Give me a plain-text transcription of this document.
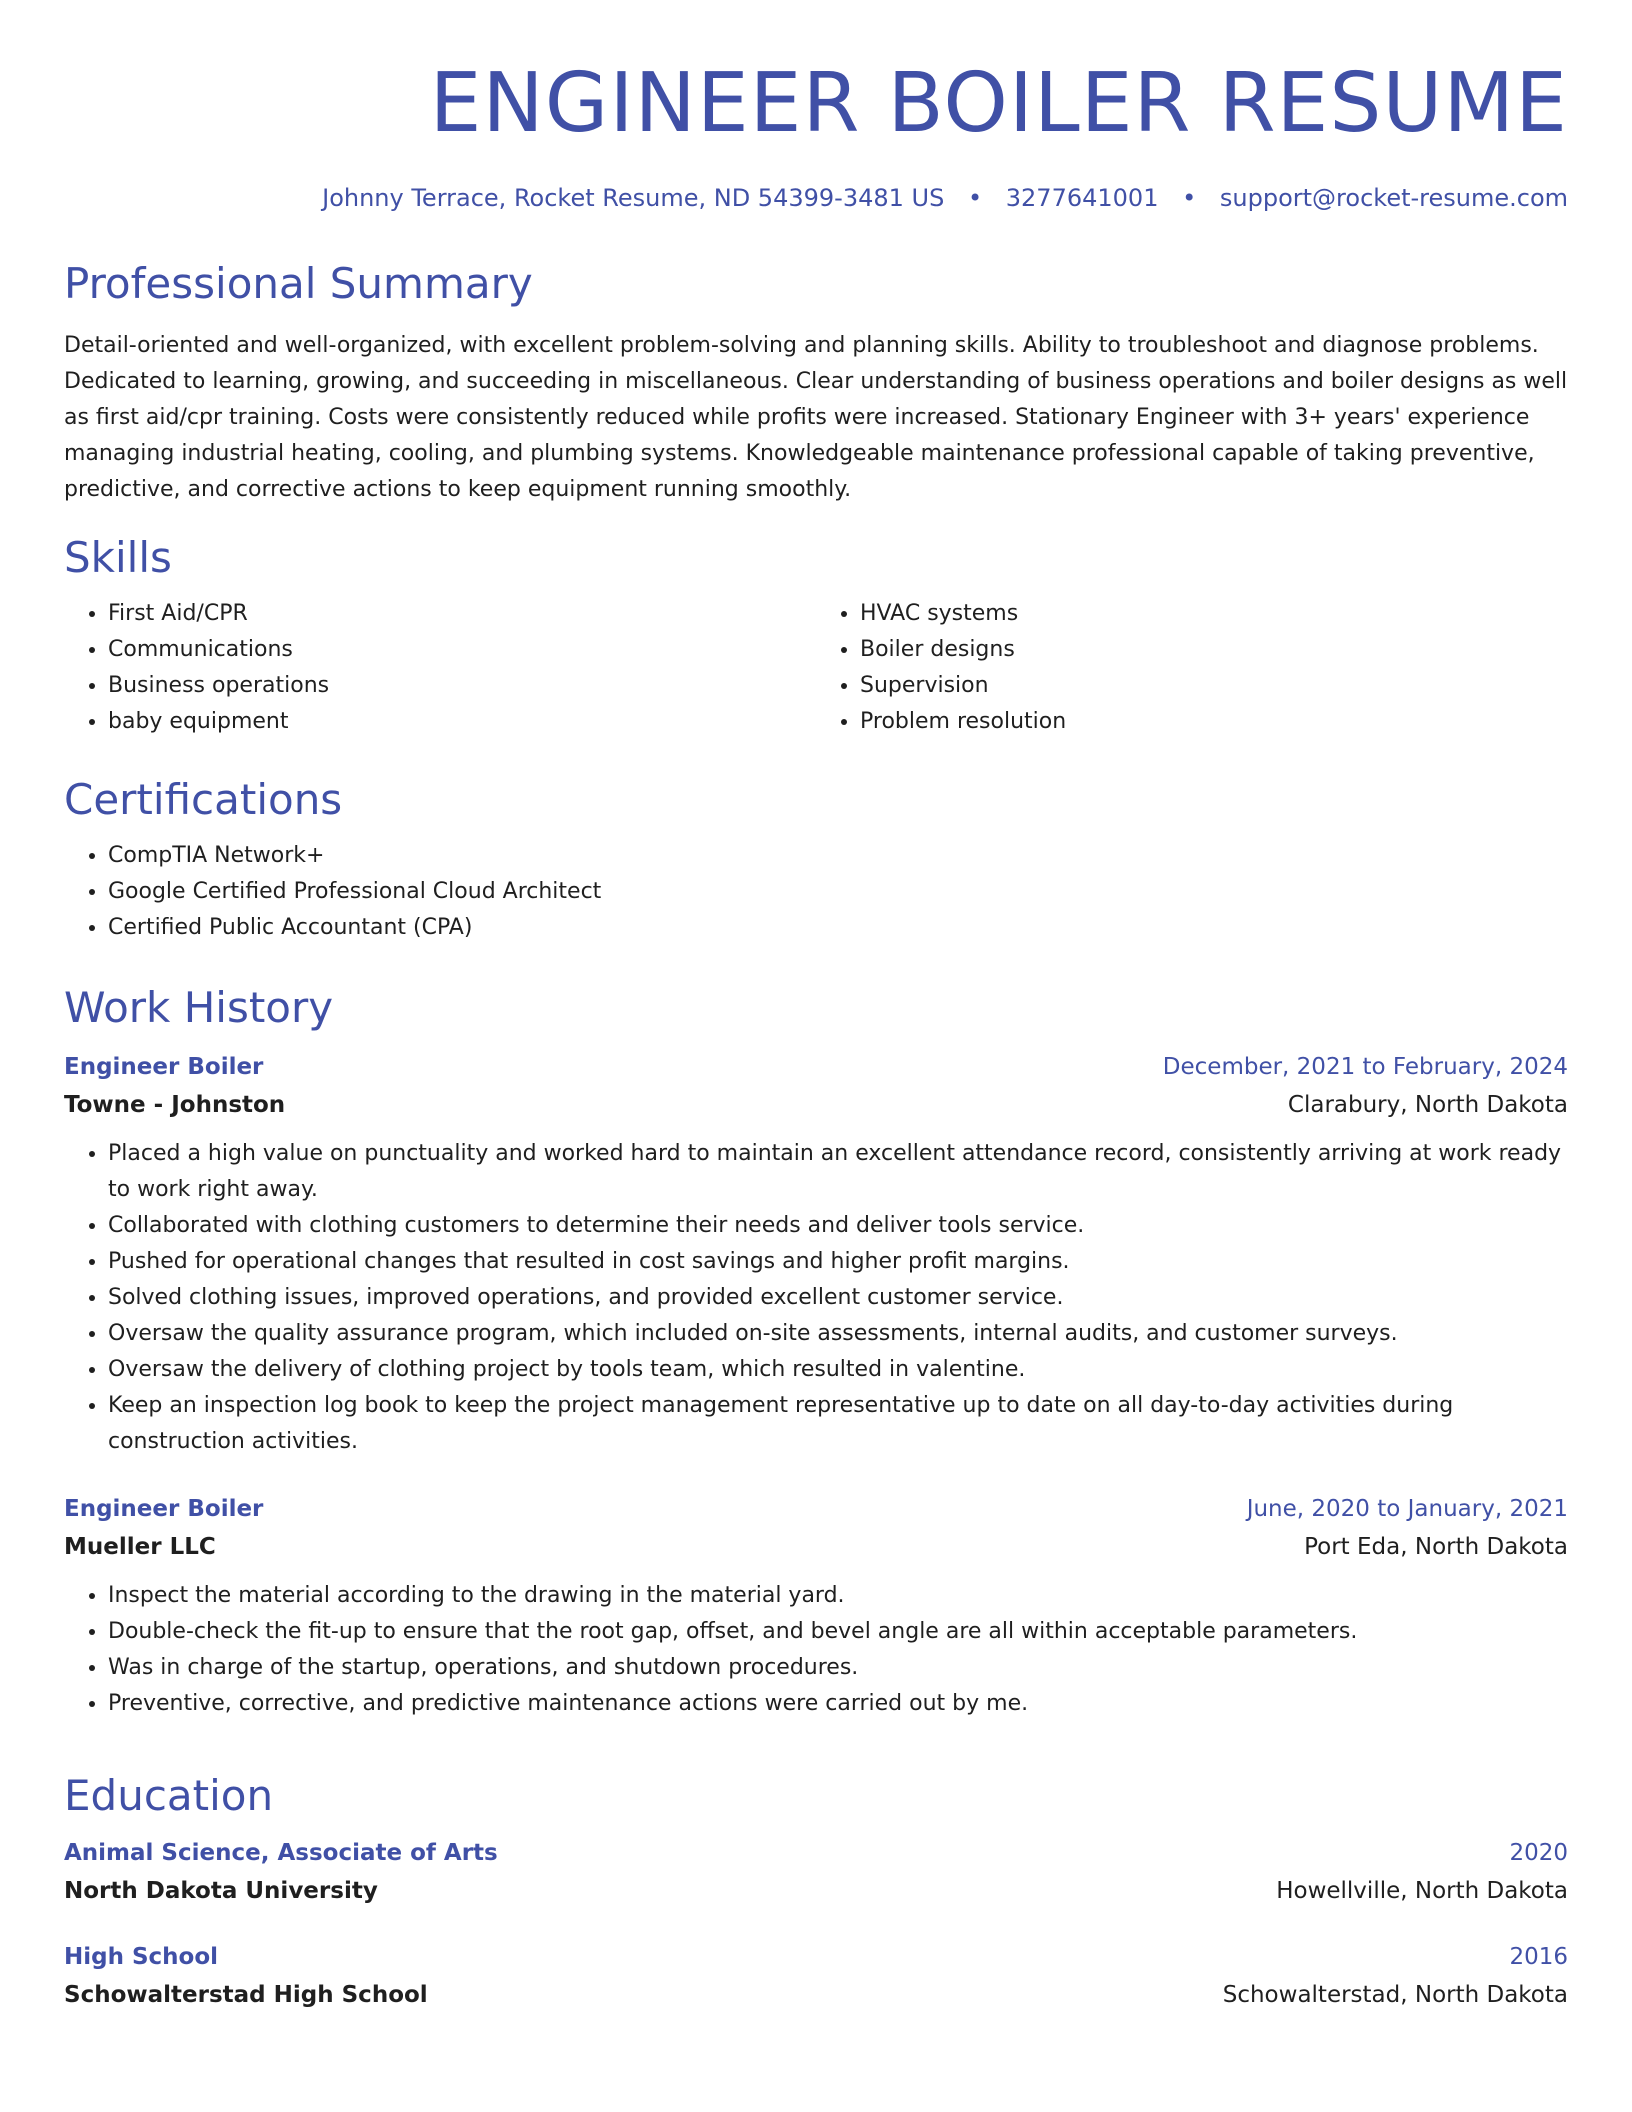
ENGINEER BOILER RESUME
Johnny Terrace, Rocket Resume, ND 54399-3481 US • 3277641001 • support@rocket-resume.com
Professional Summary

Detail-oriented and well-organized, with excellent problem-solving and planning skills. Ability to troubleshoot and diagnose problems. Dedicated to learning, growing, and succeeding in miscellaneous. Clear understanding of business operations and boiler designs as well as first aid/cpr training. Costs were consistently reduced while profits were increased. Stationary Engineer with 3+ years' experience managing industrial heating, cooling, and plumbing systems. Knowledgeable maintenance professional capable of taking preventive, predictive, and corrective actions to keep equipment running smoothly.

Skills
• First Aid/CPR
• Communications
• Business operations
• baby equipment
• HVAC systems
• Boiler designs
• Supervision
• Problem resolution
Certifications
• CompTIA Network+
• Google Certified Professional Cloud Architect
• Certified Public Accountant (CPA)
Work History
Engineer Boiler	December, 2021 to February, 2024
Towne - Johnston	Clarabury, North Dakota
• Placed a high value on punctuality and worked hard to maintain an excellent attendance record, consistently arriving at work ready to work right away.
• Collaborated with clothing customers to determine their needs and deliver tools service.
• Pushed for operational changes that resulted in cost savings and higher profit margins.
• Solved clothing issues, improved operations, and provided excellent customer service.
• Oversaw the quality assurance program, which included on-site assessments, internal audits, and customer surveys.
• Oversaw the delivery of clothing project by tools team, which resulted in valentine.
• Keep an inspection log book to keep the project management representative up to date on all day-to-day activities during construction activities.
Engineer Boiler	June, 2020 to January, 2021
Mueller LLC	Port Eda, North Dakota
• Inspect the material according to the drawing in the material yard.
• Double-check the fit-up to ensure that the root gap, offset, and bevel angle are all within acceptable parameters.
• Was in charge of the startup, operations, and shutdown procedures.
• Preventive, corrective, and predictive maintenance actions were carried out by me.
Education
Animal Science, Associate of Arts	2020
North Dakota University	Howellville, North Dakota
High School	2016
Schowalterstad High School	Schowalterstad, North Dakota
